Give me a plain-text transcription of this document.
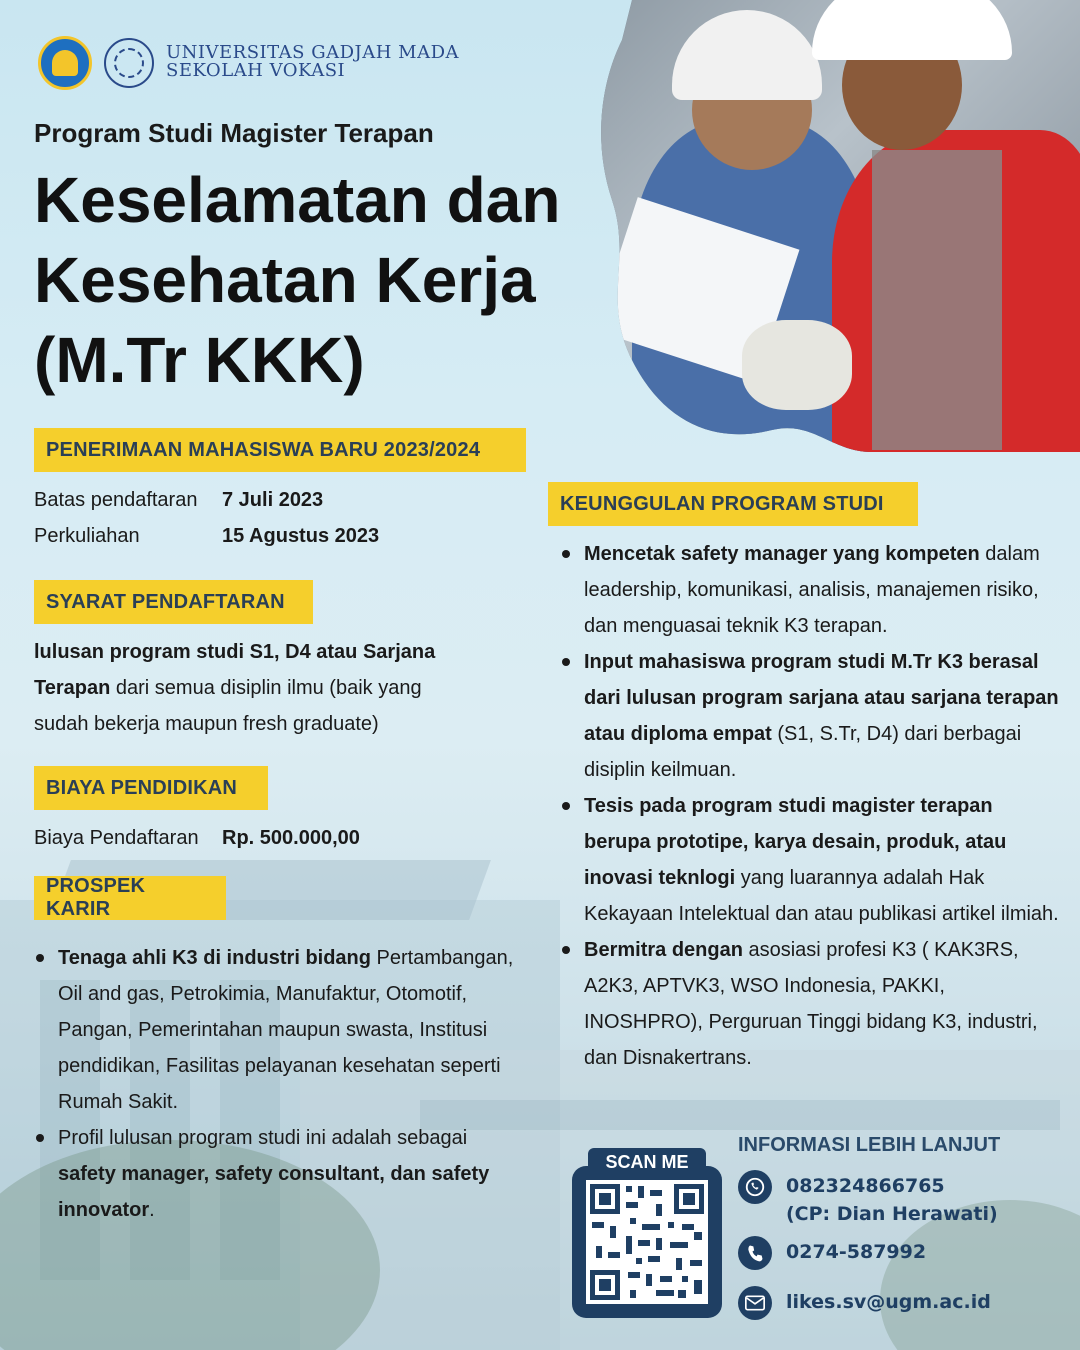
UNIVERSITAS GADJAH MADA
SEKOLAH VOKASI
Program Studi Magister Terapan
Keselamatan dan
Kesehatan Kerja
(M.Tr KKK)
PENERIMAAN MAHASISWA BARU 2023/2024
Batas pendaftaran	7 Juli 2023
Perkuliahan	15 Agustus 2023
SYARAT PENDAFTARAN
lulusan program studi S1, D4 atau Sarjana Terapan dari semua disiplin ilmu (baik yang sudah bekerja maupun fresh graduate)
BIAYA PENDIDIKAN
Biaya Pendaftaran	Rp. 500.000,00
PROSPEK KARIR
Tenaga ahli K3 di industri bidang Pertambangan, Oil and gas, Petrokimia, Manufaktur, Otomotif, Pangan, Pemerintahan maupun swasta, Institusi pendidikan, Fasilitas pelayanan kesehatan seperti Rumah Sakit.
Profil lulusan program studi ini adalah sebagai safety manager, safety consultant, dan safety innovator.
KEUNGGULAN PROGRAM STUDI
Mencetak safety manager yang kompeten dalam leadership, komunikasi, analisis, manajemen risiko, dan menguasai teknik K3 terapan.
Input mahasiswa program studi M.Tr K3 berasal dari lulusan program sarjana atau sarjana terapan atau diploma empat (S1, S.Tr, D4) dari berbagai disiplin keilmuan.
Tesis pada program studi magister terapan berupa prototipe, karya desain, produk, atau inovasi teknlogi yang luarannya adalah Hak Kekayaan Intelektual dan atau publikasi artikel ilmiah.
Bermitra dengan asosiasi profesi K3 ( KAK3RS, A2K3, APTVK3, WSO Indonesia, PAKKI, INOSHPRO), Perguruan Tinggi bidang K3, industri, dan Disnakertrans.
SCAN ME
INFORMASI LEBIH LANJUT
082324866765
(CP: Dian Herawati)
0274-587992
likes.sv@ugm.ac.id
